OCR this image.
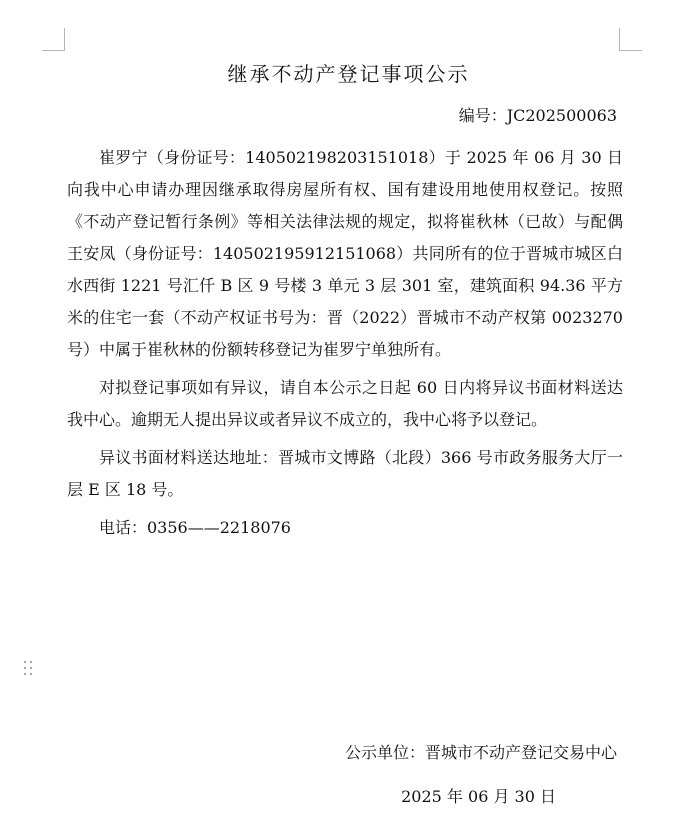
继承不动产登记事项公示
编号：JC202500063

崔罗宁（身份证号：140502198203151018）于 2025 年 06 月 30 日向我中心申请办理因继承取得房屋所有权、国有建设用地使用权登记。按照《不动产登记暂行条例》等相关法律法规的规定，拟将崔秋林（已故）与配偶王安凤（身份证号：140502195912151068）共同所有的位于晋城市城区白水西街 1221 号汇仟 B 区 9 号楼 3 单元 3 层 301 室，建筑面积 94.36 平方米的住宅一套（不动产权证书号为：晋（2022）晋城市不动产权第 0023270 号）中属于崔秋林的份额转移登记为崔罗宁单独所有。

对拟登记事项如有异议，请自本公示之日起 60 日内将异议书面材料送达我中心。逾期无人提出异议或者异议不成立的，我中心将予以登记。

异议书面材料送达地址：晋城市文博路（北段）366 号市政务服务大厅一层 E 区 18 号。

电话：0356——2218076

公示单位：晋城市不动产登记交易中心
2025 年 06 月 30 日
